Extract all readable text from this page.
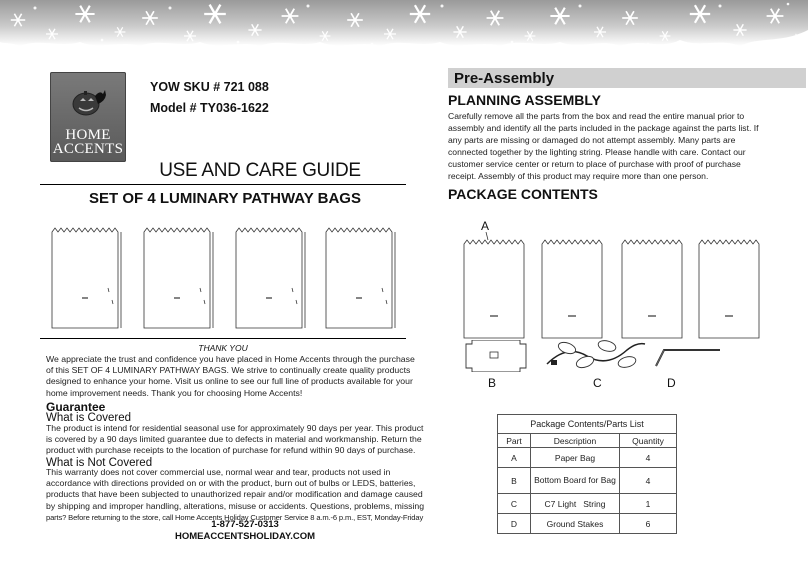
HOME
ACCENTS
YOW SKU # 721 088
Model # TY036-1622
USE AND CARE GUIDE
SET OF 4 LUMINARY PATHWAY BAGS
THANK YOU
We appreciate the trust and confidence you have placed in Home Accents through the purchase
of this SET OF 4 LUMINARY PATHWAY BAGS. We strive to continually create quality products
designed to enhance your home. Visit us online to see our full line of products available for your
home improvement needs. Thank you for choosing Home Accents!
Guarantee
What is Covered
The product is intend for residential seasonal use for approximately 90 days per year. This product
is covered by a 90 days limited guarantee due to defects in material and workmanship. Return the
product with purchase receipts to the location of purchase for refund within 90 days of purchase.
What is Not Covered
This warranty does not cover commercial use, normal wear and tear, products not used in
accordance with directions provided on or with the product, burn out of bulbs or LEDS, batteries,
products that have been subjected to unauthorized repair and/or modification and damage caused
by shipping and improper handling, alterations, misuse or accidents. Questions, problems, missing
parts? Before returning to the store, call Home Accents Holiday Customer Service 8 a.m.-6 p.m., EST, Monday-Friday
1-877-527-0313
HOMEACCENTSHOLIDAY.COM
Pre-Assembly
PLANNING ASSEMBLY
Carefully remove all the parts from the box and read the entire manual prior to
assembly and identify all the parts included in the package against the parts list. If
any parts are missing or damaged do not attempt assembly. Many parts are
connected together by the lighting string. Please handle with care. Contact our
customer service center or return to place of purchase with proof of purchase
receipt. Assembly of this product may require more than one person.
PACKAGE CONTENTS
A
B	C	D
Package Contents/Parts List		
Part	Description	Quantity
A	Paper Bag	4
B	Bottom Board for Bag	4
C	C7 Light   String	1
D	Ground Stakes	6
